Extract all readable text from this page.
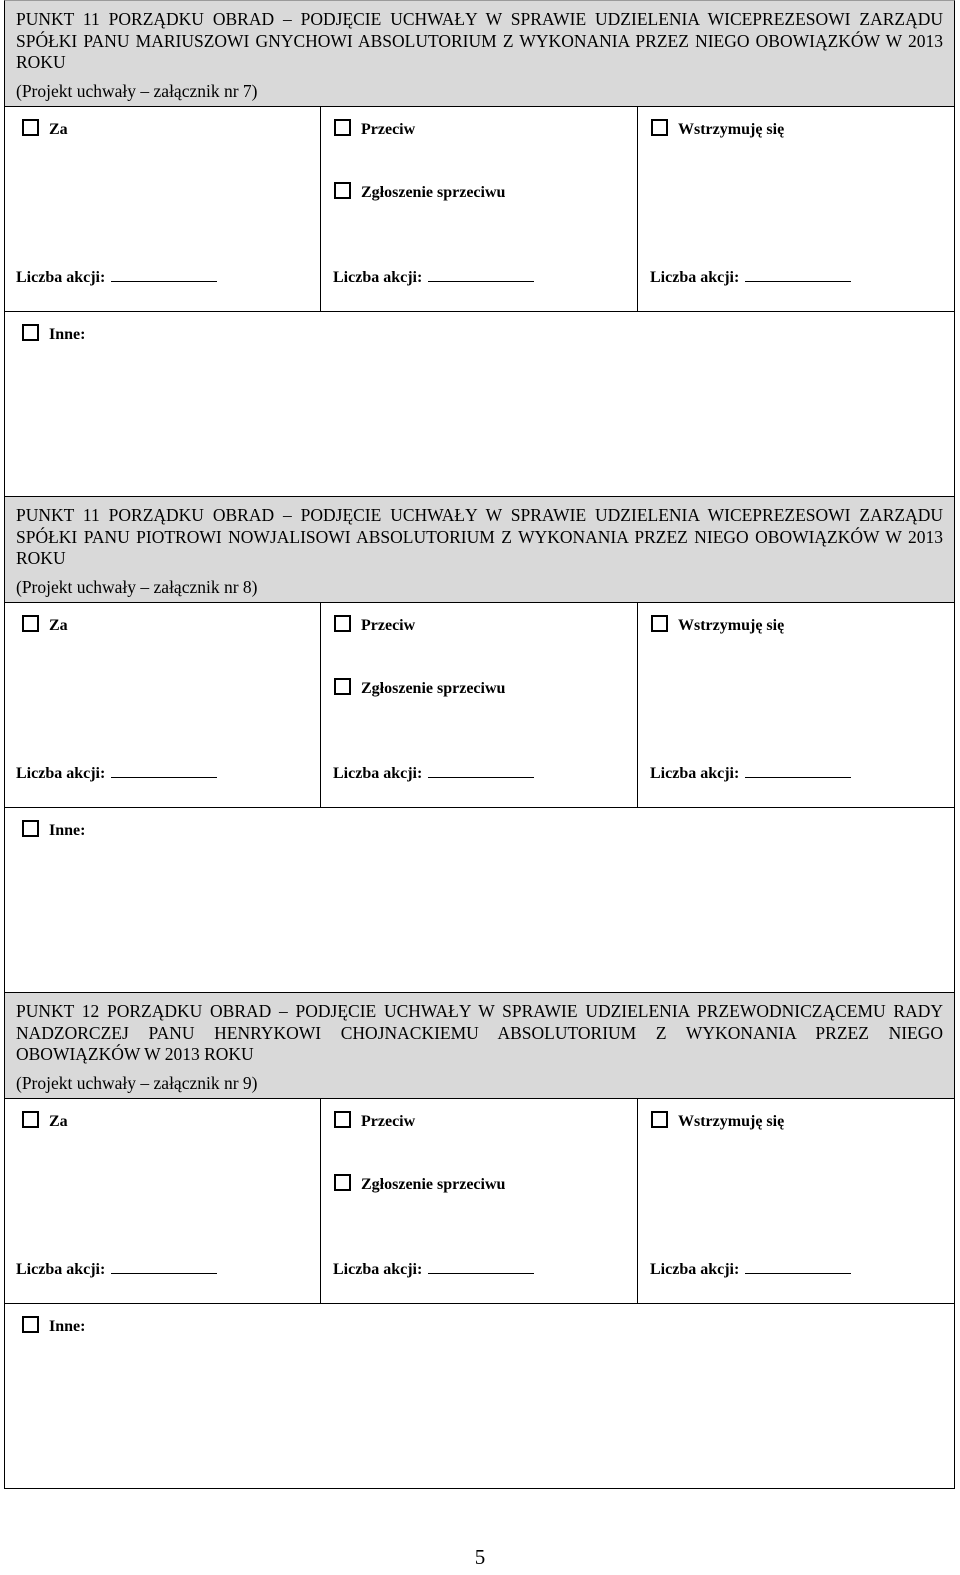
PUNKT 11 PORZĄDKU OBRAD – PODJĘCIE UCHWAŁY W SPRAWIE UDZIELENIA WICEPREZESOWI ZARZĄDU SPÓŁKI PANU MARIUSZOWI GNYCHOWI ABSOLUTORIUM Z WYKONANIA PRZEZ NIEGO OBOWIĄZKÓW W 2013 ROKU

(Projekt uchwały – załącznik nr 7)
Za
Liczba akcji:
Przeciw
Zgłoszenie sprzeciwu
Liczba akcji:
Wstrzymuję się
Liczba akcji:
Inne:

PUNKT 11 PORZĄDKU OBRAD – PODJĘCIE UCHWAŁY W SPRAWIE UDZIELENIA WICEPREZESOWI ZARZĄDU SPÓŁKI PANU PIOTROWI NOWJALISOWI ABSOLUTORIUM Z WYKONANIA PRZEZ NIEGO OBOWIĄZKÓW W 2013 ROKU

(Projekt uchwały – załącznik nr 8)
Za
Liczba akcji:
Przeciw
Zgłoszenie sprzeciwu
Liczba akcji:
Wstrzymuję się
Liczba akcji:
Inne:

PUNKT 12 PORZĄDKU OBRAD – PODJĘCIE UCHWAŁY W SPRAWIE UDZIELENIA PRZEWODNICZĄCEMU RADY NADZORCZEJ PANU HENRYKOWI CHOJNACKIEMU ABSOLUTORIUM Z WYKONANIA PRZEZ NIEGO OBOWIĄZKÓW W 2013 ROKU

(Projekt uchwały – załącznik nr 9)
Za
Liczba akcji:
Przeciw
Zgłoszenie sprzeciwu
Liczba akcji:
Wstrzymuję się
Liczba akcji:
Inne:
5
